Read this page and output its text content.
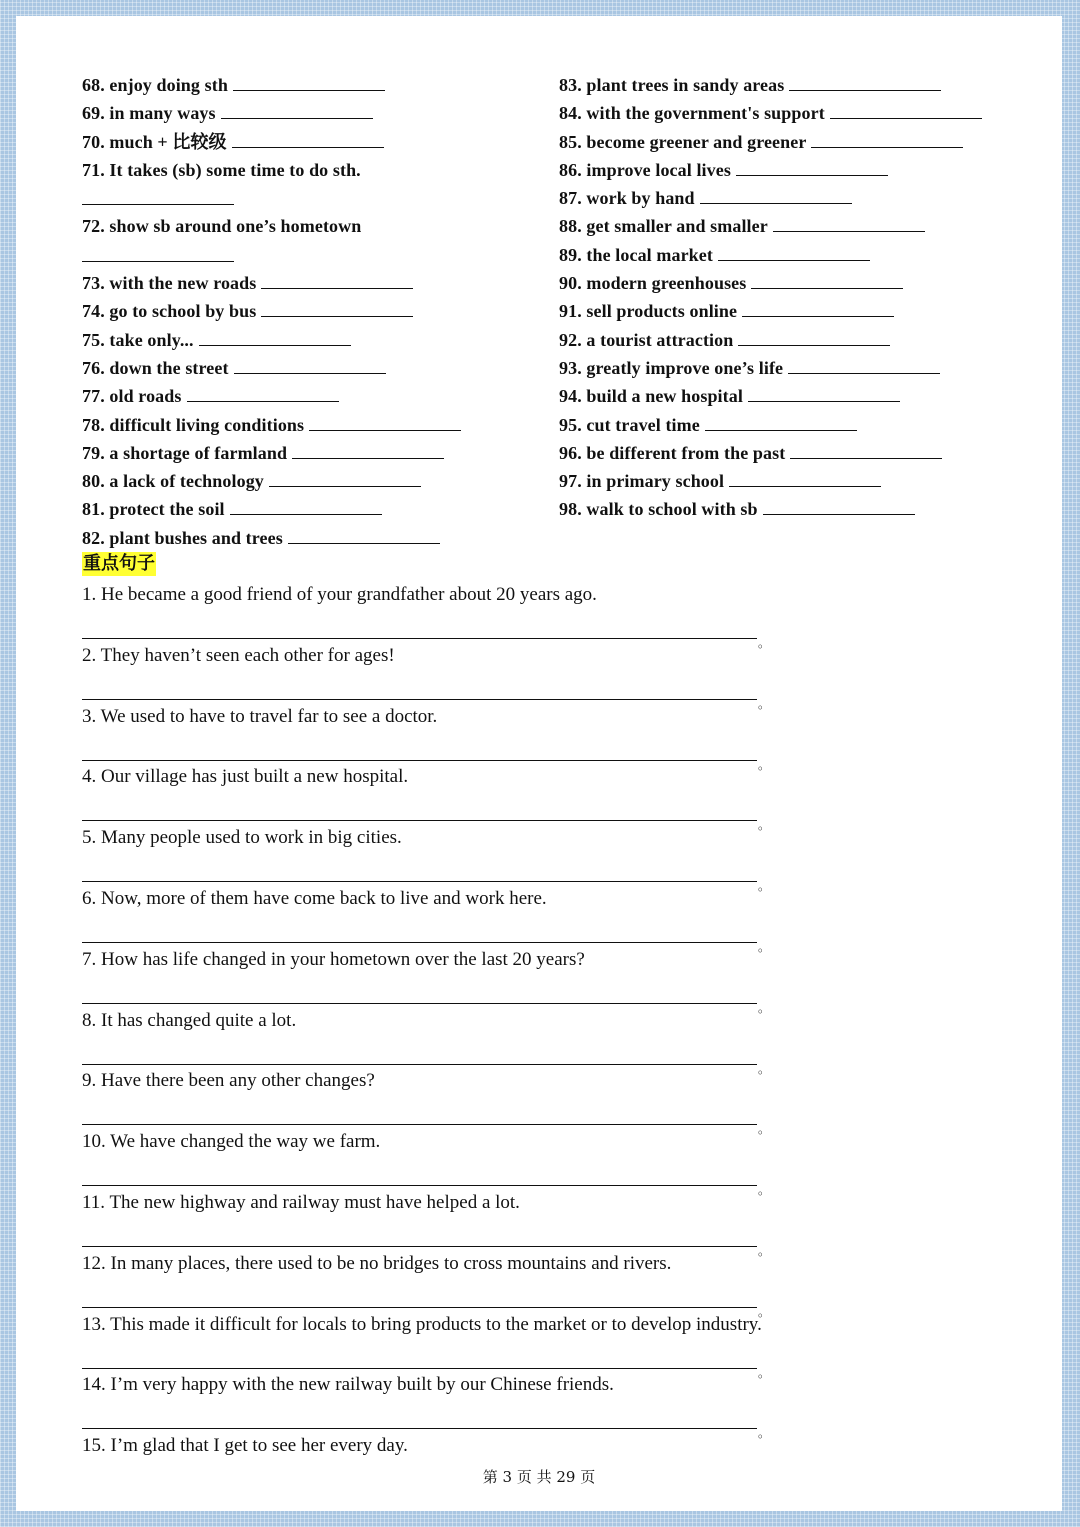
68. enjoy doing sth
69. in many ways
70. much + 比较级
71. It takes (sb) some time to do sth.
72. show sb around one’s hometown
73. with the new roads
74. go to school by bus
75. take only...
76. down the street
77. old roads
78. difficult living conditions
79. a shortage of farmland
80. a lack of technology
81. protect the soil
82. plant bushes and trees
83. plant trees in sandy areas
84. with the government's support
85. become greener and greener
86. improve local lives
87. work by hand
88. get smaller and smaller
89. the local market
90. modern greenhouses
91. sell products online
92. a tourist attraction
93. greatly improve one’s life
94. build a new hospital
95. cut travel time
96. be different from the past
97. in primary school
98. walk to school with sb
重点句子
1. He became a good friend of your grandfather about 20 years ago.
。
2. They haven’t seen each other for ages!
。
3. We used to have to travel far to see a doctor.
。
4. Our village has just built a new hospital.
。
5. Many people used to work in big cities.
。
6. Now, more of them have come back to live and work here.
。
7. How has life changed in your hometown over the last 20 years?
。
8. It has changed quite a lot.
。
9. Have there been any other changes?
。
10. We have changed the way we farm.
。
11. The new highway and railway must have helped a lot.
。
12. In many places, there used to be no bridges to cross mountains and rivers.
。
13. This made it difficult for locals to bring products to the market or to develop industry.
。
14. I’m very happy with the new railway built by our Chinese friends.
。
15. I’m glad that I get to see her every day.
第 3 页 共 29 页
